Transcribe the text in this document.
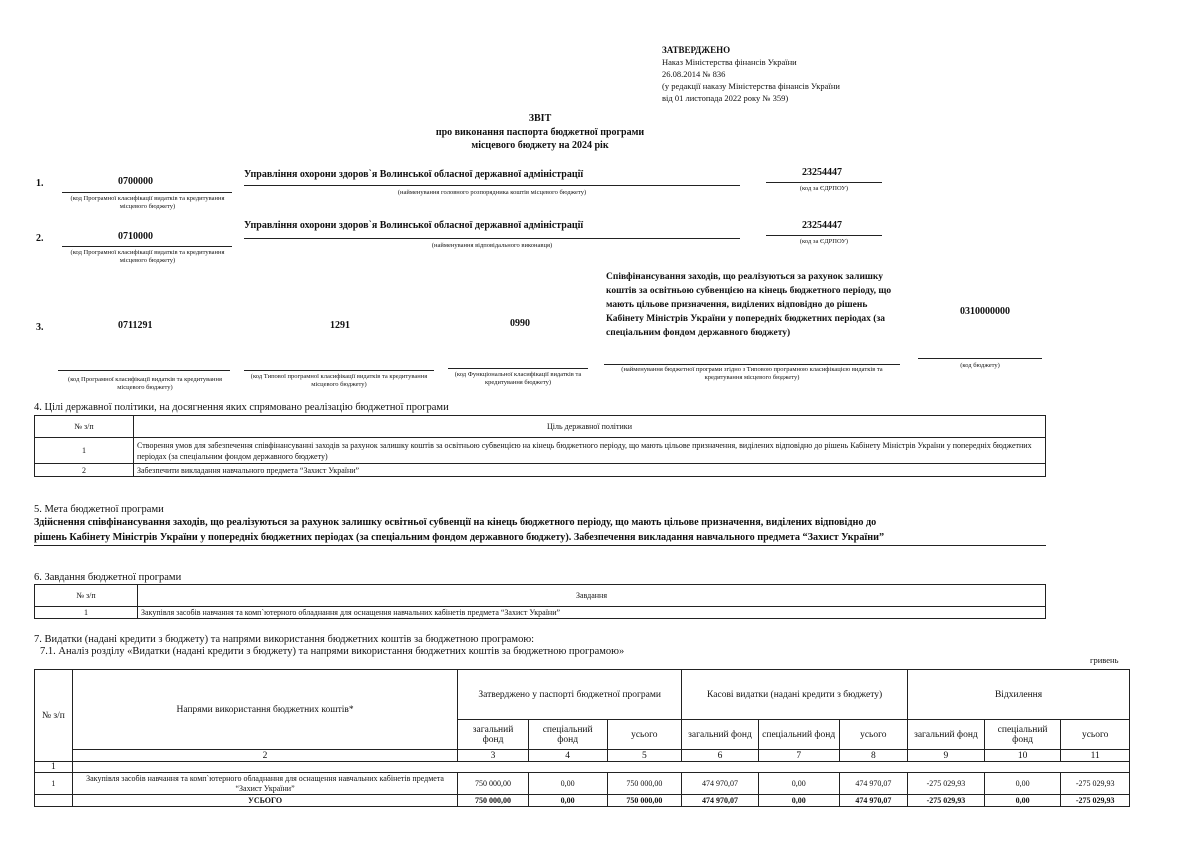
ЗАТВЕРДЖЕНО
Наказ Міністерства фінансів України
26.08.2014 № 836
(у редакції наказу Міністерства фінансів України
від 01 листопада 2022 року № 359)
ЗВІТ
про виконання паспорта бюджетної програми
місцевого бюджету на 2024 рік
1.	0700000
(код Програмної класифікації видатків та кредитування місцевого бюджету)
Управління охорони здоров`я Волинської обласної державної адміністрації
(найменування головного розпорядника коштів місцевого бюджету)
23254447
(код за ЄДРПОУ)
2.	0710000
(код Програмної класифікації видатків та кредитування місцевого бюджету)
Управління охорони здоров`я Волинської обласної державної адміністрації
(найменування відповідального виконавця)
23254447
(код за ЄДРПОУ)
3.	0711291
(код Програмної класифікації видатків та кредитування місцевого бюджету)
1291
(код Типової програмної класифікації видатків та кредитування місцевого бюджету)
0990
(код Функціональної класифікації видатків та кредитування бюджету)
Співфінансування заходів, що реалізуються за рахунок залишку коштів за освітньою субвенцією на кінець бюджетного періоду, що мають цільове призначення, виділених відповідно до рішень Кабінету Міністрів України у попередніх бюджетних періодах (за спеціальним фондом державного бюджету)
(найменування бюджетної програми згідно з Типовою програмною класифікацією видатків та кредитування місцевого бюджету)
0310000000
(код бюджету)
4. Цілі державної політики, на досягнення яких спрямовано реалізацію бюджетної програми
№ з/п	Ціль державної політики
1	Створення умов для забезпечення співфінансуванні заходів за рахунок залишку коштів за освітньою субвенцією на кінець бюджетного періоду, що мають цільове призначення, виділених відповідно до рішень Кабінету Міністрів України у попередніх бюджетних періодах (за спеціальним фондом державного бюджету)
2	Забезпечити викладання навчального предмета “Захист України”
5. Мета бюджетної програми
Здійснення співфінансування заходів, що реалізуються за рахунок залишку освітньої субвенції на кінець бюджетного періоду, що мають цільове призначення, виділених відповідно до
рішень Кабінету Міністрів України у попередніх бюджетних періодах (за спеціальним фондом державного бюджету). Забезпечення викладання навчального предмета “Захист України”
6. Завдання бюджетної програми
№ з/п	Завдання
1	Закупівля засобів навчання та комп`ютерного обладнання для оснащення навчальних кабінетів предмета “Захист України”
7. Видатки (надані кредити з бюджету) та напрями використання бюджетних коштів за бюджетною програмою:
7.1. Аналіз розділу «Видатки (надані кредити з бюджету) та напрями використання бюджетних коштів за бюджетною програмою»
гривень
№ з/п	Напрями використання бюджетних коштів*	Затверджено у паспорті бюджетної програми			Касові видатки (надані кредити з бюджету)			Відхилення		
		загальний фонд	спеціальний фонд	усього	загальний фонд	спеціальний фонд	усього	загальний фонд	спеціальний фонд	усього
	2	3	4	5	6	7	8	9	10	11
1										
1	Закупівля засобів навчання та комп`ютерного обладнання для оснащення навчальних кабінетів предмета “Захист України”	750 000,00	0,00	750 000,00	474 970,07	0,00	474 970,07	-275 029,93	0,00	-275 029,93
	УСЬОГО	750 000,00	0,00	750 000,00	474 970,07	0,00	474 970,07	-275 029,93	0,00	-275 029,93
